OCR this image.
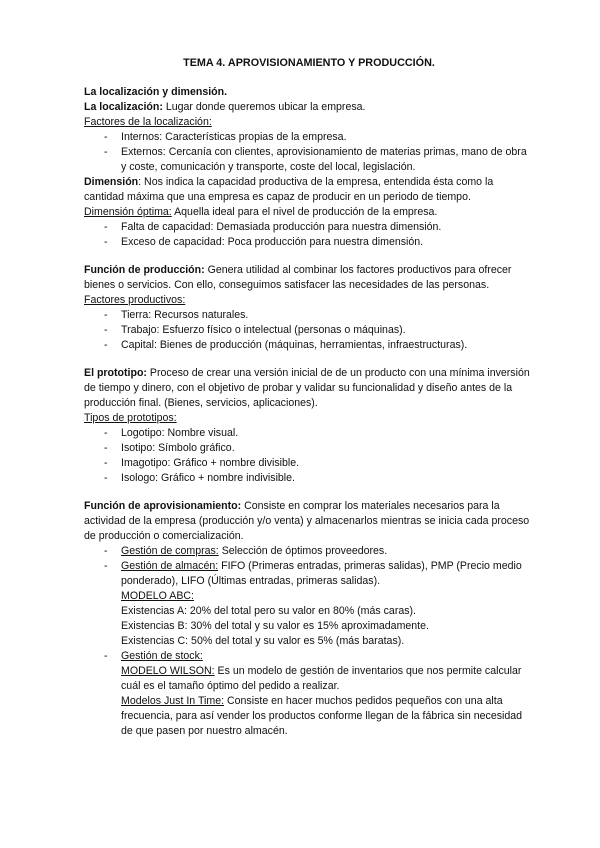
TEMA 4. APROVISIONAMIENTO Y PRODUCCIÓN.
La localización y dimensión.
La localización: Lugar donde queremos ubicar la empresa.
Factores de la localización:
- Internos: Características propias de la empresa.
- Externos: Cercanía con clientes, aprovisionamiento de materias primas, mano de obra y coste, comunicación y transporte, coste del local, legislación.
Dimensión: Nos indica la capacidad productiva de la empresa, entendida ésta como la cantidad máxima que una empresa es capaz de producir en un periodo de tiempo.
Dimensión óptima: Aquella ideal para el nivel de producción de la empresa.
- Falta de capacidad: Demasiada producción para nuestra dimensión.
- Exceso de capacidad: Poca producción para nuestra dimensión.
Función de producción: Genera utilidad al combinar los factores productivos para ofrecer bienes o servicios. Con ello, conseguimos satisfacer las necesidades de las personas.
Factores productivos:
- Tierra: Recursos naturales.
- Trabajo: Esfuerzo físico o intelectual (personas o máquinas).
- Capital: Bienes de producción (máquinas, herramientas, infraestructuras).
El prototipo: Proceso de crear una versión inicial de de un producto con una mínima inversión de tiempo y dinero, con el objetivo de probar y validar su funcionalidad y diseño antes de la producción final. (Bienes, servicios, aplicaciones).
Tipos de prototipos:
- Logotipo: Nombre visual.
- Isotipo: Símbolo gráfico.
- Imagotipo: Gráfico + nombre divisible.
- Isologo: Gráfico + nombre indivisible.
Función de aprovisionamiento: Consiste en comprar los materiales necesarios para la actividad de la empresa (producción y/o venta) y almacenarlos mientras se inicia cada proceso de producción o comercialización.
- Gestión de compras: Selección de óptimos proveedores.
- Gestión de almacén: FIFO (Primeras entradas, primeras salidas), PMP (Precio medio ponderado), LIFO (Últimas entradas, primeras salidas).
MODELO ABC:
Existencias A: 20% del total pero su valor en 80% (más caras).
Existencias B: 30% del total y su valor es 15% aproximadamente.
Existencias C: 50% del total y su valor es 5% (más baratas).
- Gestión de stock:
MODELO WILSON: Es un modelo de gestión de inventarios que nos permite calcular cuál es el tamaño óptimo del pedido a realizar.
Modelos Just In Time: Consiste en hacer muchos pedidos pequeños con una alta frecuencia, para así vender los productos conforme llegan de la fábrica sin necesidad de que pasen por nuestro almacén.
